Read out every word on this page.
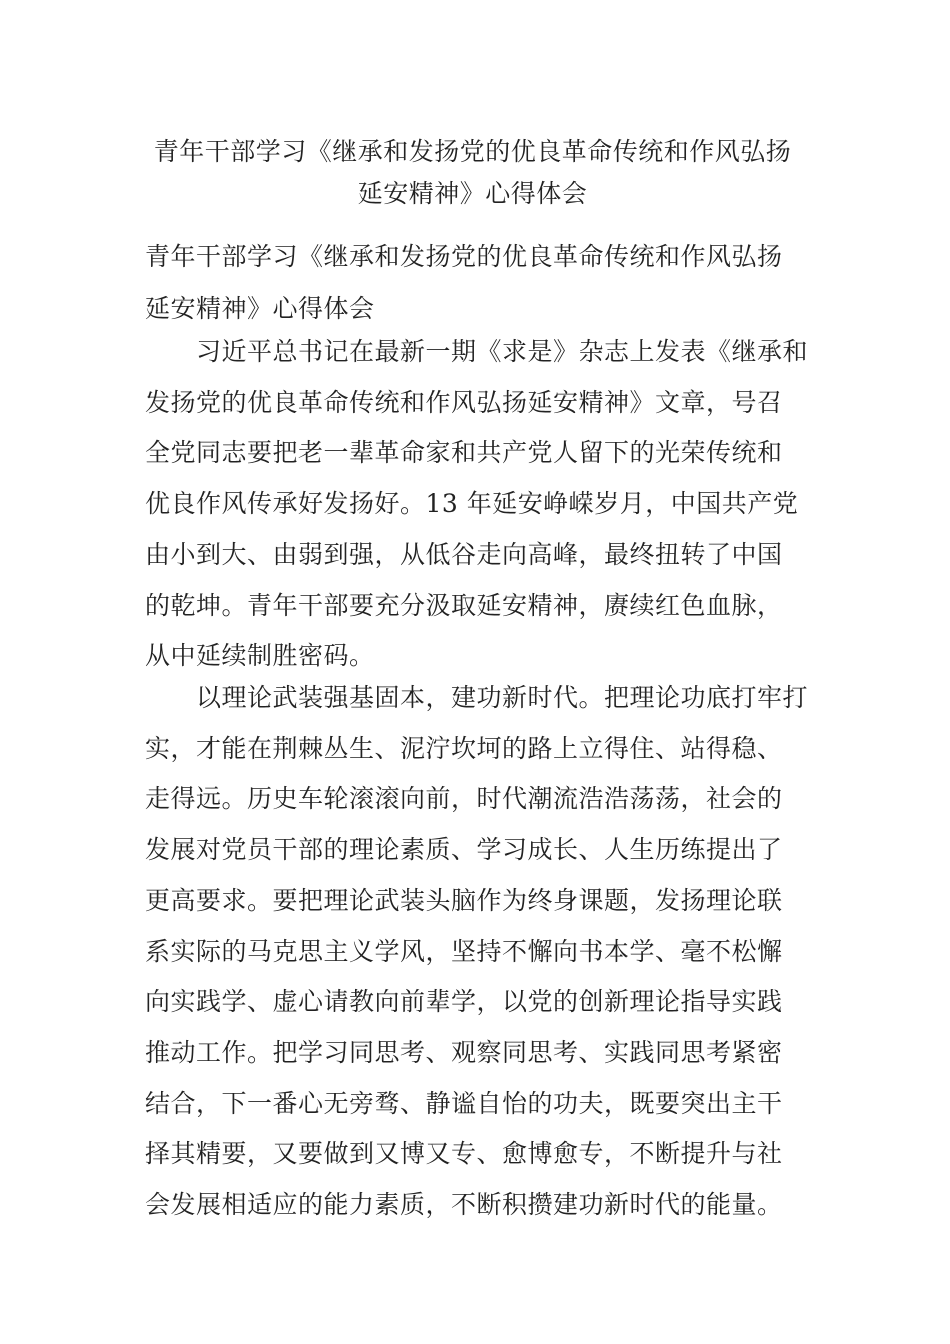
青年干部学习《继承和发扬党的优良革命传统和作风弘扬
延安精神》心得体会

青年干部学习《继承和发扬党的优良革命传统和作风弘扬
延安精神》心得体会

　　习近平总书记在最新一期《求是》杂志上发表《继承和
发扬党的优良革命传统和作风弘扬延安精神》文章，号召
全党同志要把老一辈革命家和共产党人留下的光荣传统和
优良作风传承好发扬好。13 年延安峥嵘岁月，中国共产党
由小到大、由弱到强，从低谷走向高峰，最终扭转了中国
的乾坤。青年干部要充分汲取延安精神，赓续红色血脉，
从中延续制胜密码。

　　以理论武装强基固本，建功新时代。把理论功底打牢打
实，才能在荆棘丛生、泥泞坎坷的路上立得住、站得稳、
走得远。历史车轮滚滚向前，时代潮流浩浩荡荡，社会的
发展对党员干部的理论素质、学习成长、人生历练提出了
更高要求。要把理论武装头脑作为终身课题，发扬理论联
系实际的马克思主义学风，坚持不懈向书本学、毫不松懈
向实践学、虚心请教向前辈学，以党的创新理论指导实践
推动工作。把学习同思考、观察同思考、实践同思考紧密
结合，下一番心无旁骛、静谧自怡的功夫，既要突出主干
择其精要，又要做到又博又专、愈博愈专，不断提升与社
会发展相适应的能力素质，不断积攒建功新时代的能量。
